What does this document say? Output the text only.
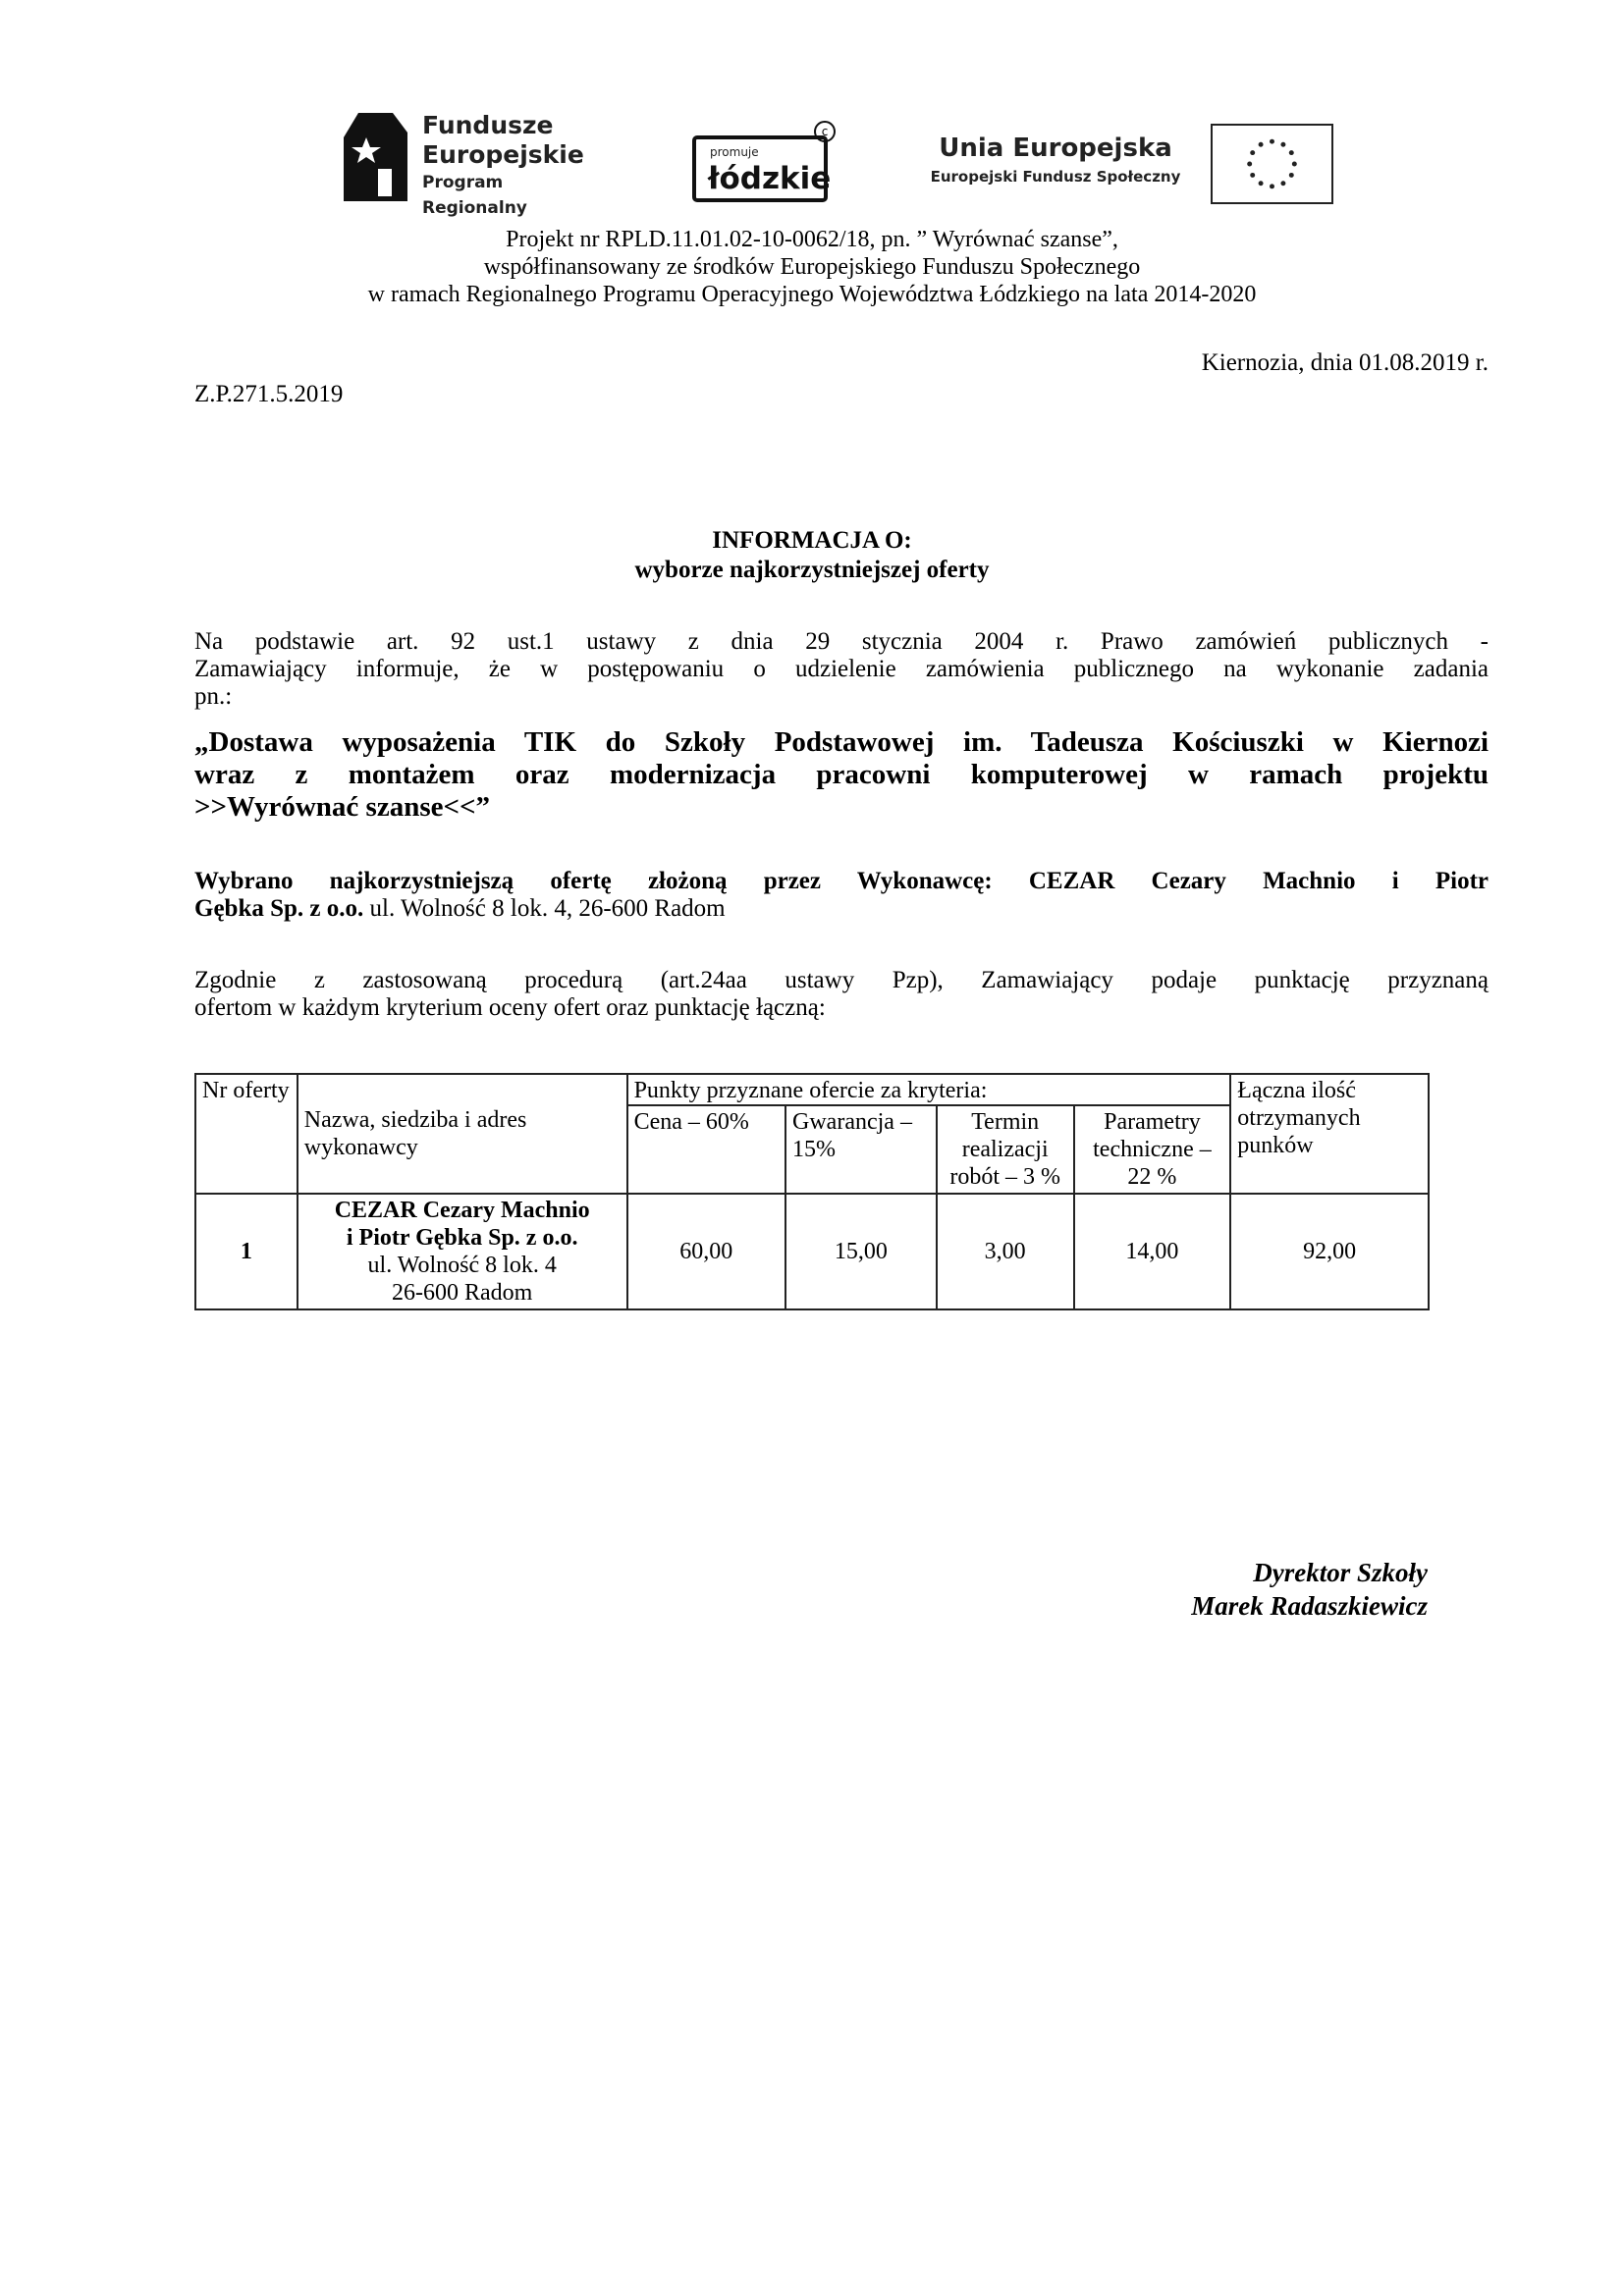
Fundusze
Europejskie
Program Regionalny
promuje
łódzkie
c
Unia Europejska
Europejski Fundusz Społeczny
Projekt nr RPLD.11.01.02-10-0062/18, pn. ” Wyrównać szanse”,
współfinansowany ze środków Europejskiego Funduszu Społecznego
w ramach Regionalnego Programu Operacyjnego Województwa Łódzkiego na lata 2014-2020
Z.P.271.5.2019
Kiernozia, dnia 01.08.2019 r.
INFORMACJA O:
wyborze najkorzystniejszej oferty
Na podstawie art. 92 ust.1 ustawy z dnia 29 stycznia 2004 r. Prawo zamówień publicznych -
Zamawiający informuje, że w postępowaniu o udzielenie zamówienia publicznego na wykonanie zadania
pn.:
„Dostawa wyposażenia TIK do Szkoły Podstawowej im. Tadeusza Kościuszki w Kiernozi
wraz z montażem oraz modernizacja pracowni komputerowej w ramach projektu
>>Wyrównać szanse<<”
Wybrano najkorzystniejszą ofertę złożoną przez Wykonawcę: CEZAR Cezary Machnio i Piotr
Gębka Sp. z o.o. ul. Wolność 8 lok. 4, 26-600 Radom
Zgodnie z zastosowaną procedurą (art.24aa ustawy Pzp), Zamawiający podaje punktację przyznaną
ofertom w każdym kryterium oceny ofert oraz punktację łączną:
Nr oferty	Nazwa, siedziba i adres wykonawcy	Punkty przyznane ofercie za kryteria:				Łączna ilość otrzymanych punków
		Cena – 60%	Gwarancja – 15%	Termin realizacji robót – 3 %	Parametry techniczne – 22 %	
1	CEZAR Cezary Machnio
i Piotr Gębka Sp. z o.o.
ul. Wolność 8 lok. 4
26-600 Radom	60,00	15,00	3,00	14,00	92,00
Dyrektor Szkoły
Marek Radaszkiewicz
